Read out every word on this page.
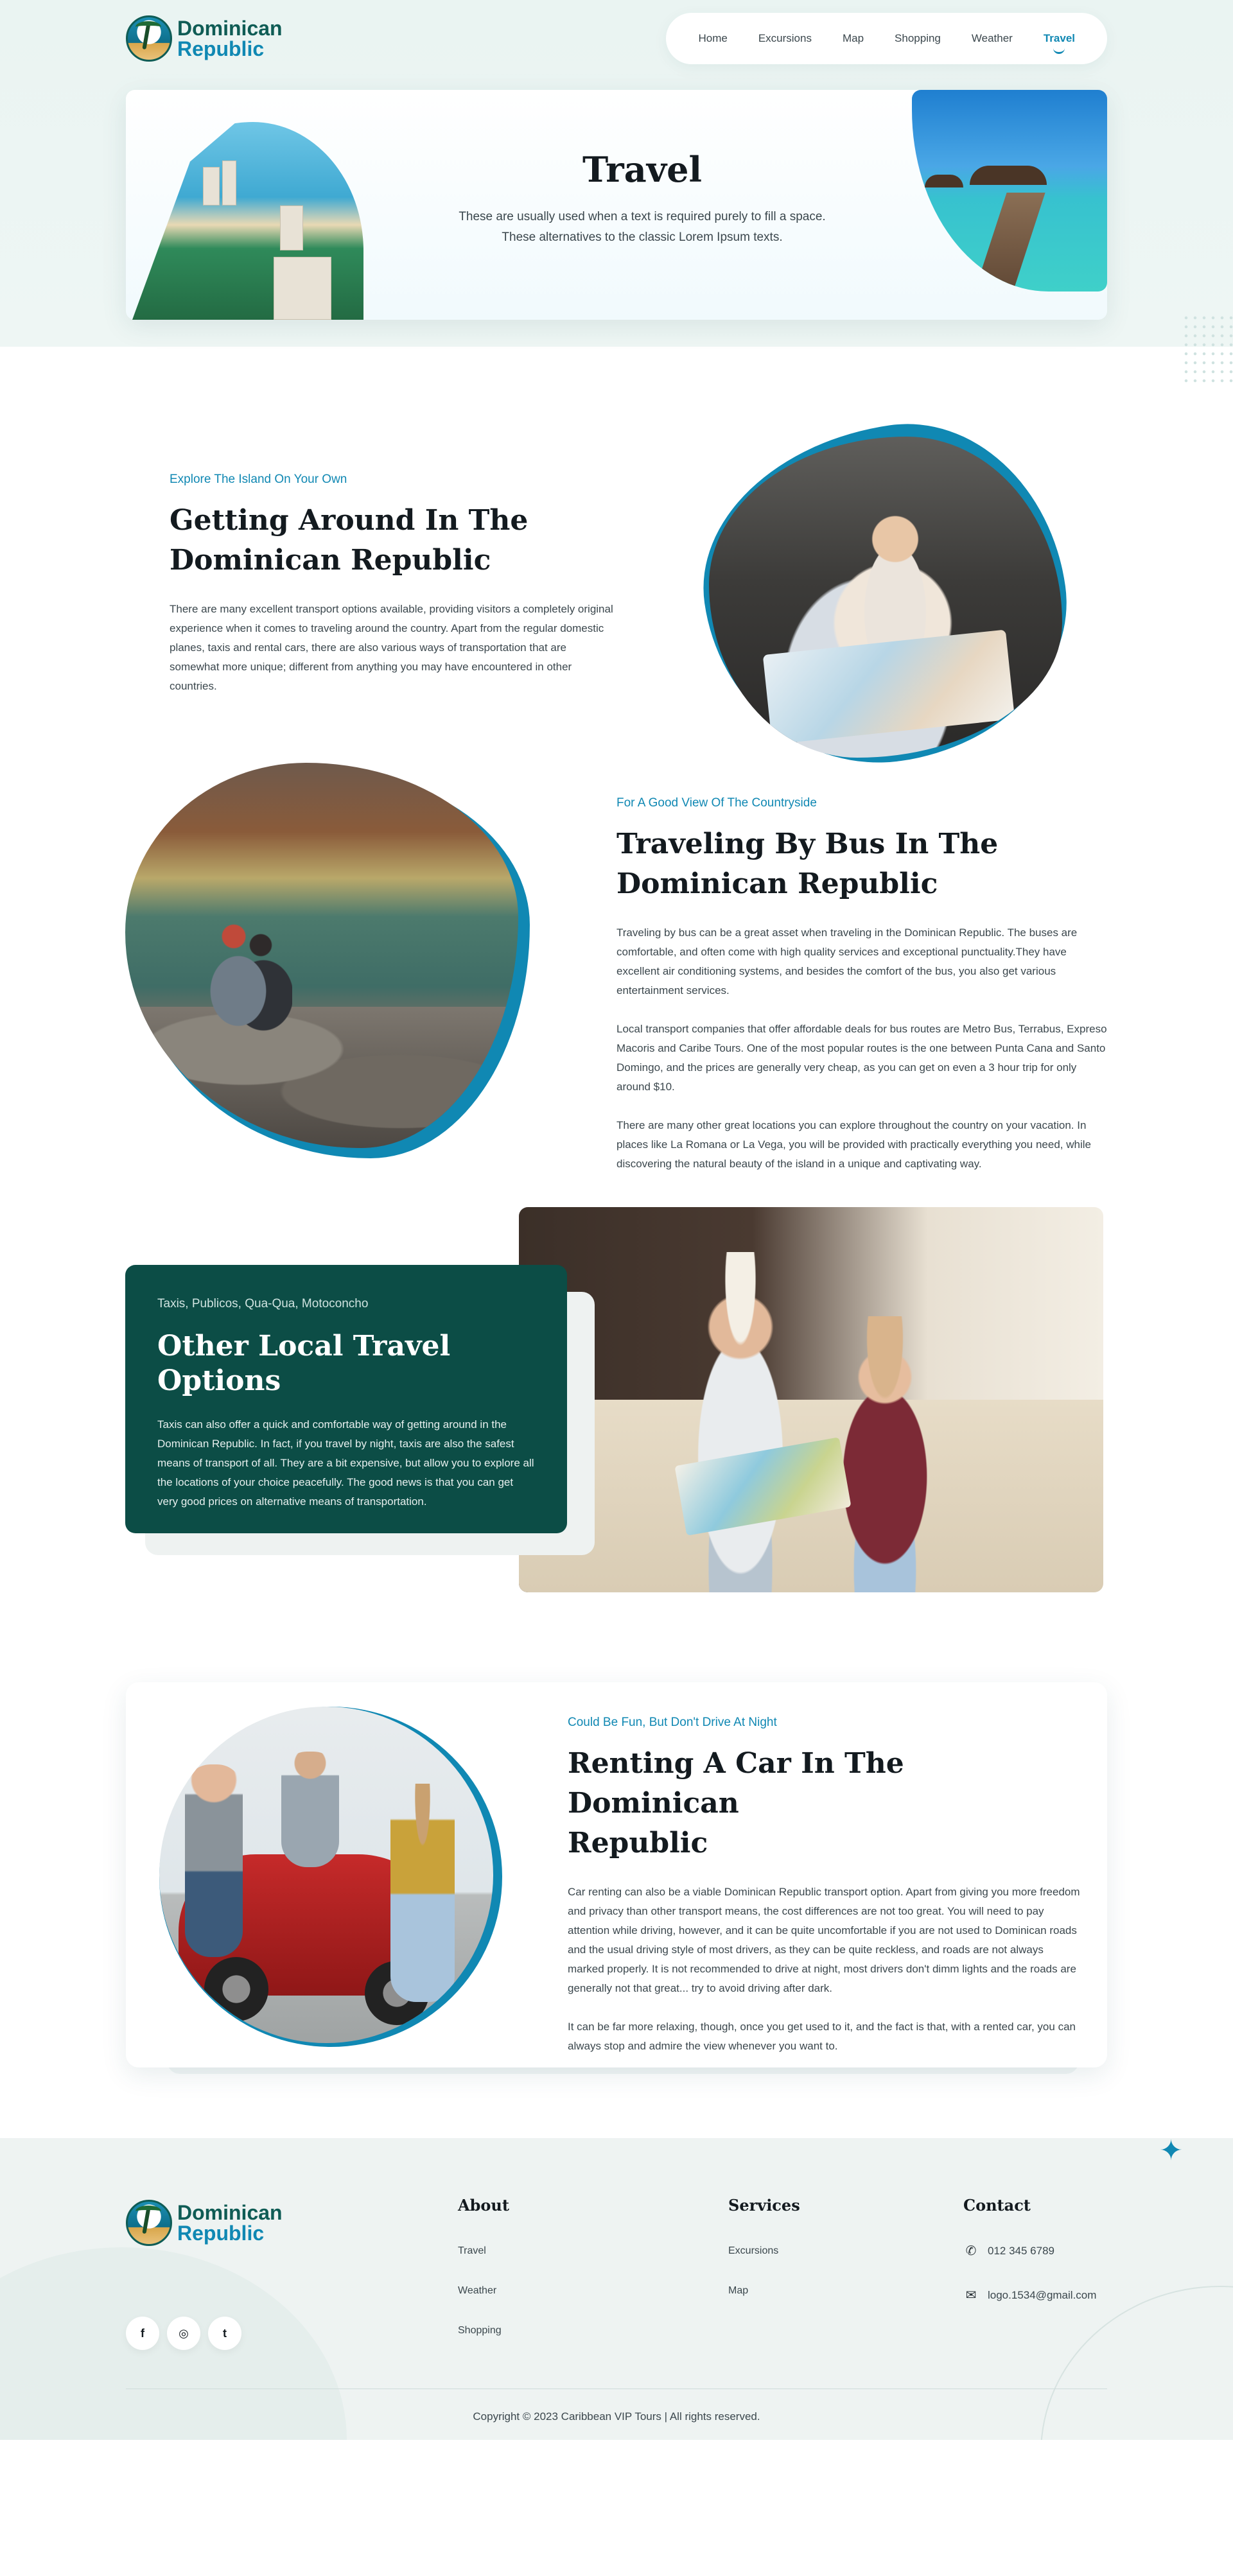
Dominican
Republic	Home	Excursions	Map	Shopping	Weather	Travel
Travel

These are usually used when a text is required purely to fill a space.
These alternatives to the classic Lorem Ipsum texts.

Explore The Island On Your Own
Getting Around In The
Dominican Republic

There are many excellent transport options available, providing visitors a completely original experience when it comes to traveling around the country. Apart from the regular domestic planes, taxis and rental cars, there are also various ways of transportation that are somewhat more unique; different from anything you may have encountered in other countries.

For A Good View Of The Countryside
Traveling By Bus In The
Dominican Republic

Traveling by bus can be a great asset when traveling in the Dominican Republic. The buses are comfortable, and often come with high quality services and exceptional punctuality.They have excellent air conditioning systems, and besides the comfort of the bus, you also get various entertainment services.

Local transport companies that offer affordable deals for bus routes are Metro Bus, Terrabus, Expreso Macoris and Caribe Tours. One of the most popular routes is the one between Punta Cana and Santo Domingo, and the prices are generally very cheap, as you can get on even a 3 hour trip for only around $10.

There are many other great locations you can explore throughout the country on your vacation. In places like La Romana or La Vega, you will be provided with practically everything you need, while discovering the natural beauty of the island in a unique and captivating way.

Taxis, Publicos, Qua-Qua, Motoconcho
Other Local Travel Options

Taxis can also offer a quick and comfortable way of getting around in the Dominican Republic. In fact, if you travel by night, taxis are also the safest means of transport of all. They are a bit expensive, but allow you to explore all the locations of your choice peacefully. The good news is that you can get very good prices on alternative means of transportation.

Could Be Fun, But Don't Drive At Night
Renting A Car In The Dominican
Republic

Car renting can also be a viable Dominican Republic transport option. Apart from giving you more freedom and privacy than other transport means, the cost differences are not too great. You will need to pay attention while driving, however, and it can be quite uncomfortable if you are not used to Dominican roads and the usual driving style of most drivers, as they can be quite reckless, and roads are not always marked properly. It is not recommended to drive at night, most drivers don't dimm lights and the roads are generally not that great... try to avoid driving after dark.

It can be far more relaxing, though, once you get used to it, and the fact is that, with a rented car, you can always stop and admire the view whenever you want to.

✦
Dominican
Republic
f	◎	t
About
Travel
Weather
Shopping
Services
Excursions
Map
Contact
✆ 012 345 6789
✉ logo.1534@gmail.com
Copyright © 2023 Caribbean VIP Tours | All rights reserved.
